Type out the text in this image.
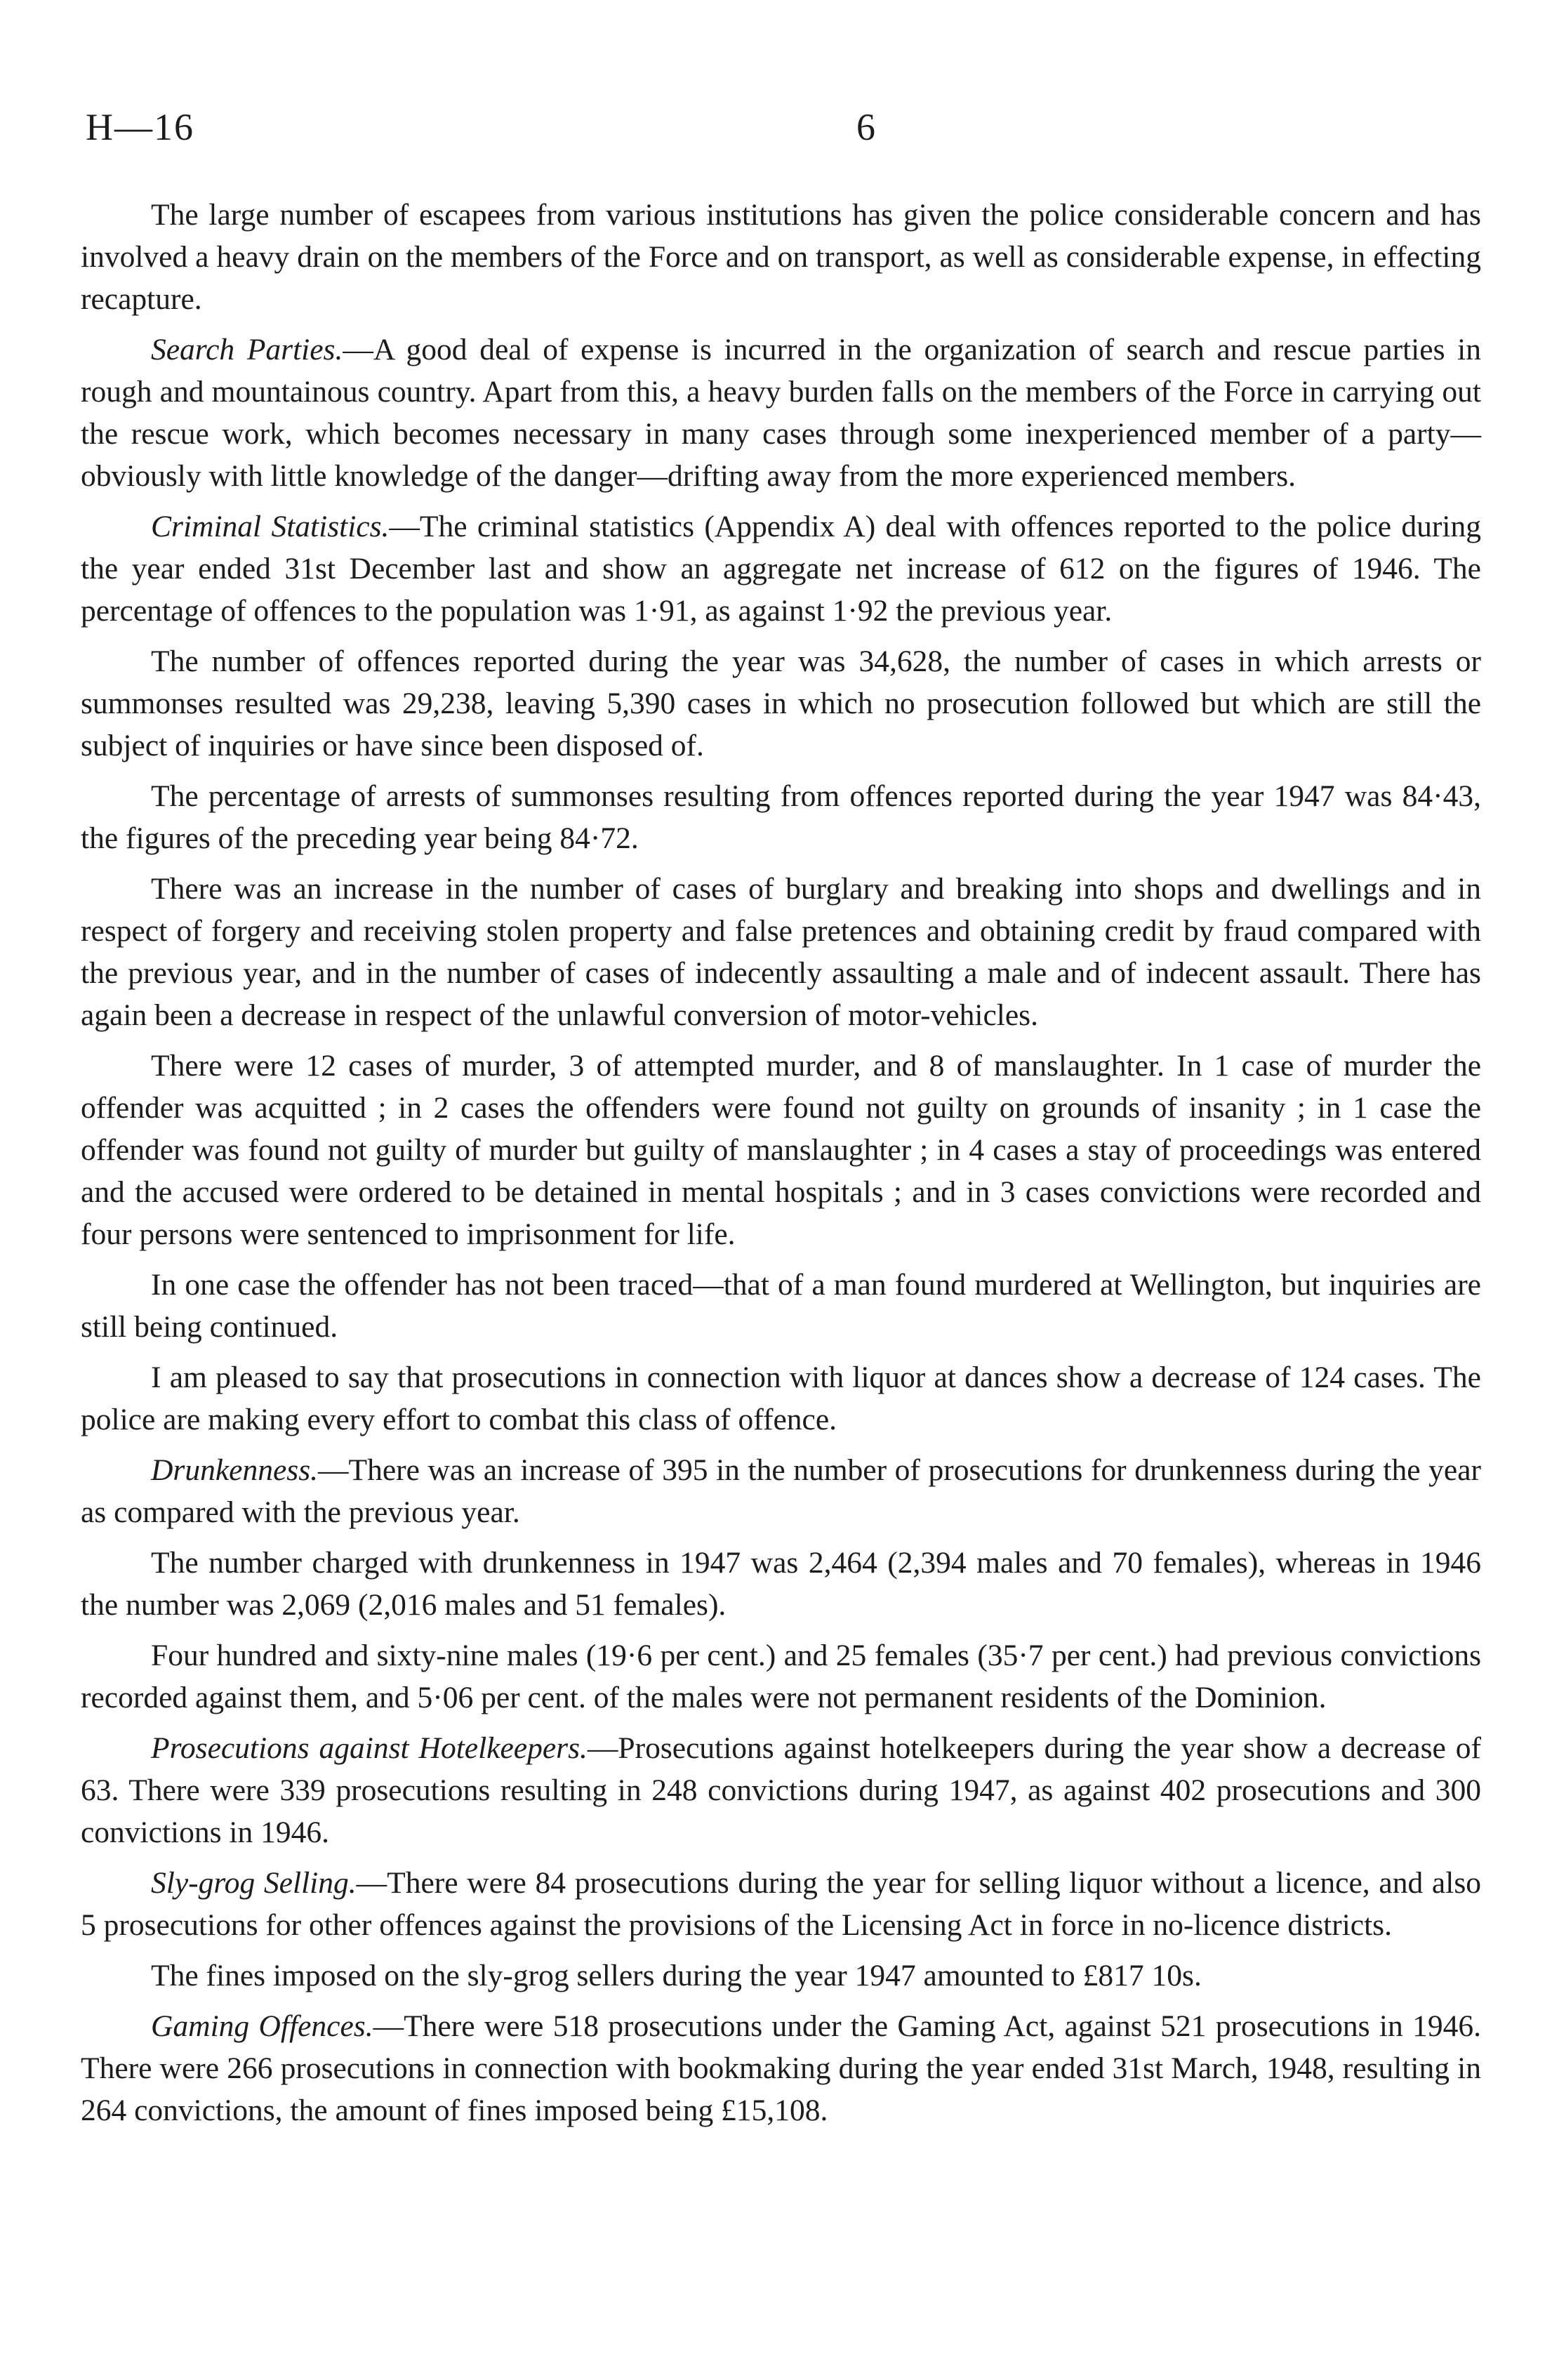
H—16	6

The large number of escapees from various institutions has given the police considerable concern and has involved a heavy drain on the members of the Force and on transport, as well as considerable expense, in effecting recapture.

Search Parties.—A good deal of expense is incurred in the organization of search and rescue parties in rough and mountainous country. Apart from this, a heavy burden falls on the members of the Force in carrying out the rescue work, which becomes necessary in many cases through some inexperienced member of a party—obviously with little knowledge of the danger—drifting away from the more experienced members.

Criminal Statistics.—The criminal statistics (Appendix A) deal with offences reported to the police during the year ended 31st December last and show an aggregate net increase of 612 on the figures of 1946. The percentage of offences to the population was 1·91, as against 1·92 the previous year.

The number of offences reported during the year was 34,628, the number of cases in which arrests or summonses resulted was 29,238, leaving 5,390 cases in which no prosecution followed but which are still the subject of inquiries or have since been disposed of.

The percentage of arrests of summonses resulting from offences reported during the year 1947 was 84·43, the figures of the preceding year being 84·72.

There was an increase in the number of cases of burglary and breaking into shops and dwellings and in respect of forgery and receiving stolen property and false pretences and obtaining credit by fraud compared with the previous year, and in the number of cases of indecently assaulting a male and of indecent assault. There has again been a decrease in respect of the unlawful conversion of motor-vehicles.

There were 12 cases of murder, 3 of attempted murder, and 8 of manslaughter. In 1 case of murder the offender was acquitted ; in 2 cases the offenders were found not guilty on grounds of insanity ; in 1 case the offender was found not guilty of murder but guilty of manslaughter ; in 4 cases a stay of proceedings was entered and the accused were ordered to be detained in mental hospitals ; and in 3 cases convictions were recorded and four persons were sentenced to imprisonment for life.

In one case the offender has not been traced—that of a man found murdered at Wellington, but inquiries are still being continued.

I am pleased to say that prosecutions in connection with liquor at dances show a decrease of 124 cases. The police are making every effort to combat this class of offence.

Drunkenness.—There was an increase of 395 in the number of prosecutions for drunkenness during the year as compared with the previous year.

The number charged with drunkenness in 1947 was 2,464 (2,394 males and 70 females), whereas in 1946 the number was 2,069 (2,016 males and 51 females).

Four hundred and sixty-nine males (19·6 per cent.) and 25 females (35·7 per cent.) had previous convictions recorded against them, and 5·06 per cent. of the males were not permanent residents of the Dominion.

Prosecutions against Hotelkeepers.—Prosecutions against hotelkeepers during the year show a decrease of 63. There were 339 prosecutions resulting in 248 convictions during 1947, as against 402 prosecutions and 300 convictions in 1946.

Sly-grog Selling.—There were 84 prosecutions during the year for selling liquor without a licence, and also 5 prosecutions for other offences against the provisions of the Licensing Act in force in no-licence districts.

The fines imposed on the sly-grog sellers during the year 1947 amounted to £817 10s.

Gaming Offences.—There were 518 prosecutions under the Gaming Act, against 521 prosecutions in 1946. There were 266 prosecutions in connection with bookmaking during the year ended 31st March, 1948, resulting in 264 convictions, the amount of fines imposed being £15,108.
